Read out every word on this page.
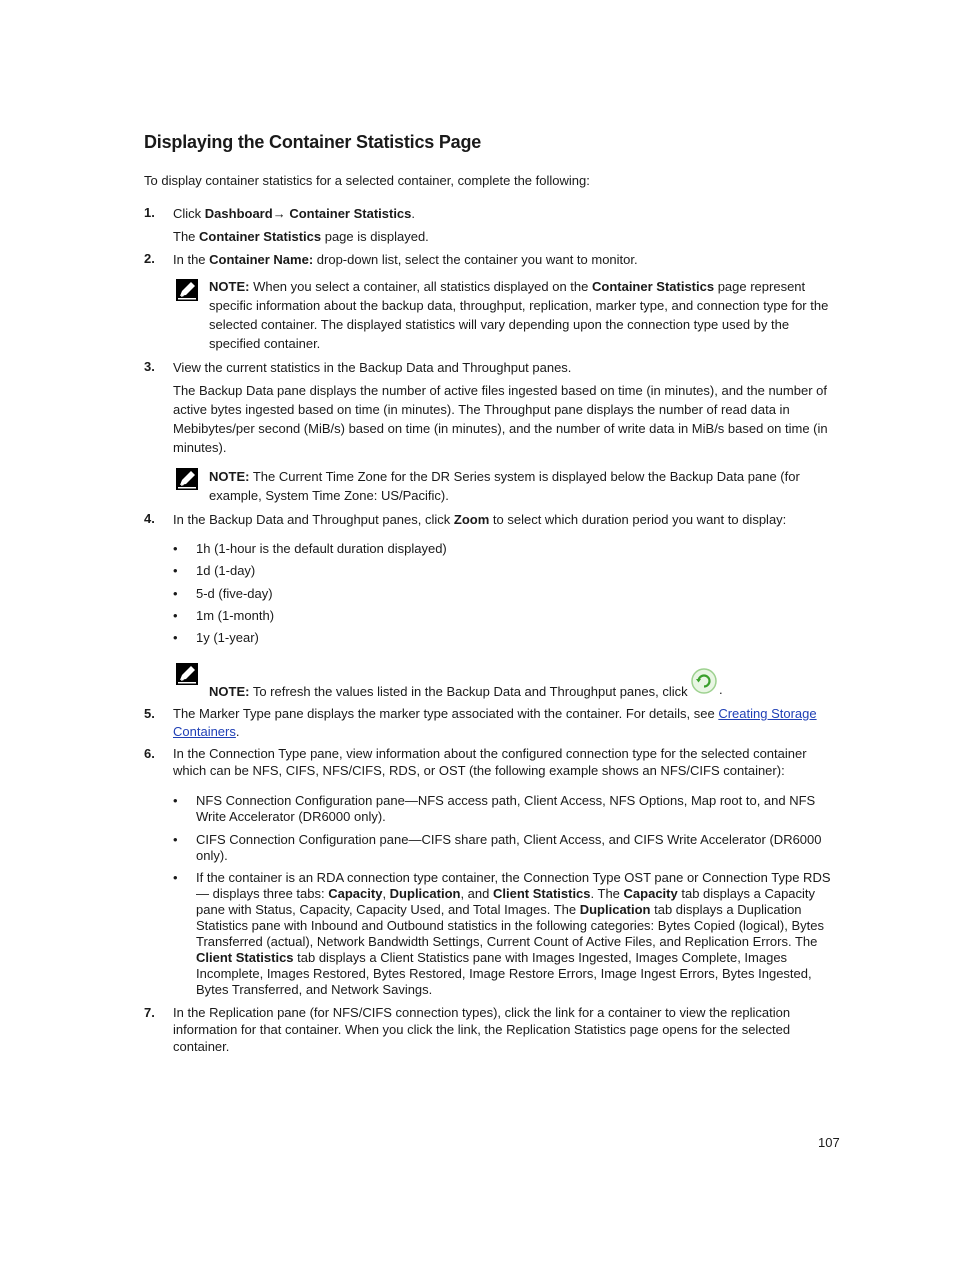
Displaying the Container Statistics Page
To display container statistics for a selected container, complete the following:
1. Click Dashboard→ Container Statistics.
The Container Statistics page is displayed.
2. In the Container Name: drop-down list, select the container you want to monitor.
NOTE: When you select a container, all statistics displayed on the Container Statistics page represent specific information about the backup data, throughput, replication, marker type, and connection type for the selected container. The displayed statistics will vary depending upon the connection type used by the specified container.
3. View the current statistics in the Backup Data and Throughput panes.
The Backup Data pane displays the number of active files ingested based on time (in minutes), and the number of active bytes ingested based on time (in minutes). The Throughput pane displays the number of read data in Mebibytes/per second (MiB/s) based on time (in minutes), and the number of write data in MiB/s based on time (in minutes).
NOTE: The Current Time Zone for the DR Series system is displayed below the Backup Data pane (for example, System Time Zone: US/Pacific).
4. In the Backup Data and Throughput panes, click Zoom to select which duration period you want to display:
• 1h (1-hour is the default duration displayed)
• 1d (1-day)
• 5-d (five-day)
• 1m (1-month)
• 1y (1-year)
NOTE: To refresh the values listed in the Backup Data and Throughput panes, click	.
5. The Marker Type pane displays the marker type associated with the container. For details, see Creating Storage Containers.
6. In the Connection Type pane, view information about the configured connection type for the selected container which can be NFS, CIFS, NFS/CIFS, RDS, or OST (the following example shows an NFS/CIFS container):
• NFS Connection Configuration pane—NFS access path, Client Access, NFS Options, Map root to, and NFS Write Accelerator (DR6000 only).
• CIFS Connection Configuration pane—CIFS share path, Client Access, and CIFS Write Accelerator (DR6000 only).
• If the container is an RDA connection type container, the Connection Type OST pane or Connection Type RDS — displays three tabs: Capacity, Duplication, and Client Statistics. The Capacity tab displays a Capacity pane with Status, Capacity, Capacity Used, and Total Images. The Duplication tab displays a Duplication Statistics pane with Inbound and Outbound statistics in the following categories: Bytes Copied (logical), Bytes Transferred (actual), Network Bandwidth Settings, Current Count of Active Files, and Replication Errors. The Client Statistics tab displays a Client Statistics pane with Images Ingested, Images Complete, Images Incomplete, Images Restored, Bytes Restored, Image Restore Errors, Image Ingest Errors, Bytes Ingested, Bytes Transferred, and Network Savings.
7. In the Replication pane (for NFS/CIFS connection types), click the link for a container to view the replication information for that container. When you click the link, the Replication Statistics page opens for the selected container.
107
